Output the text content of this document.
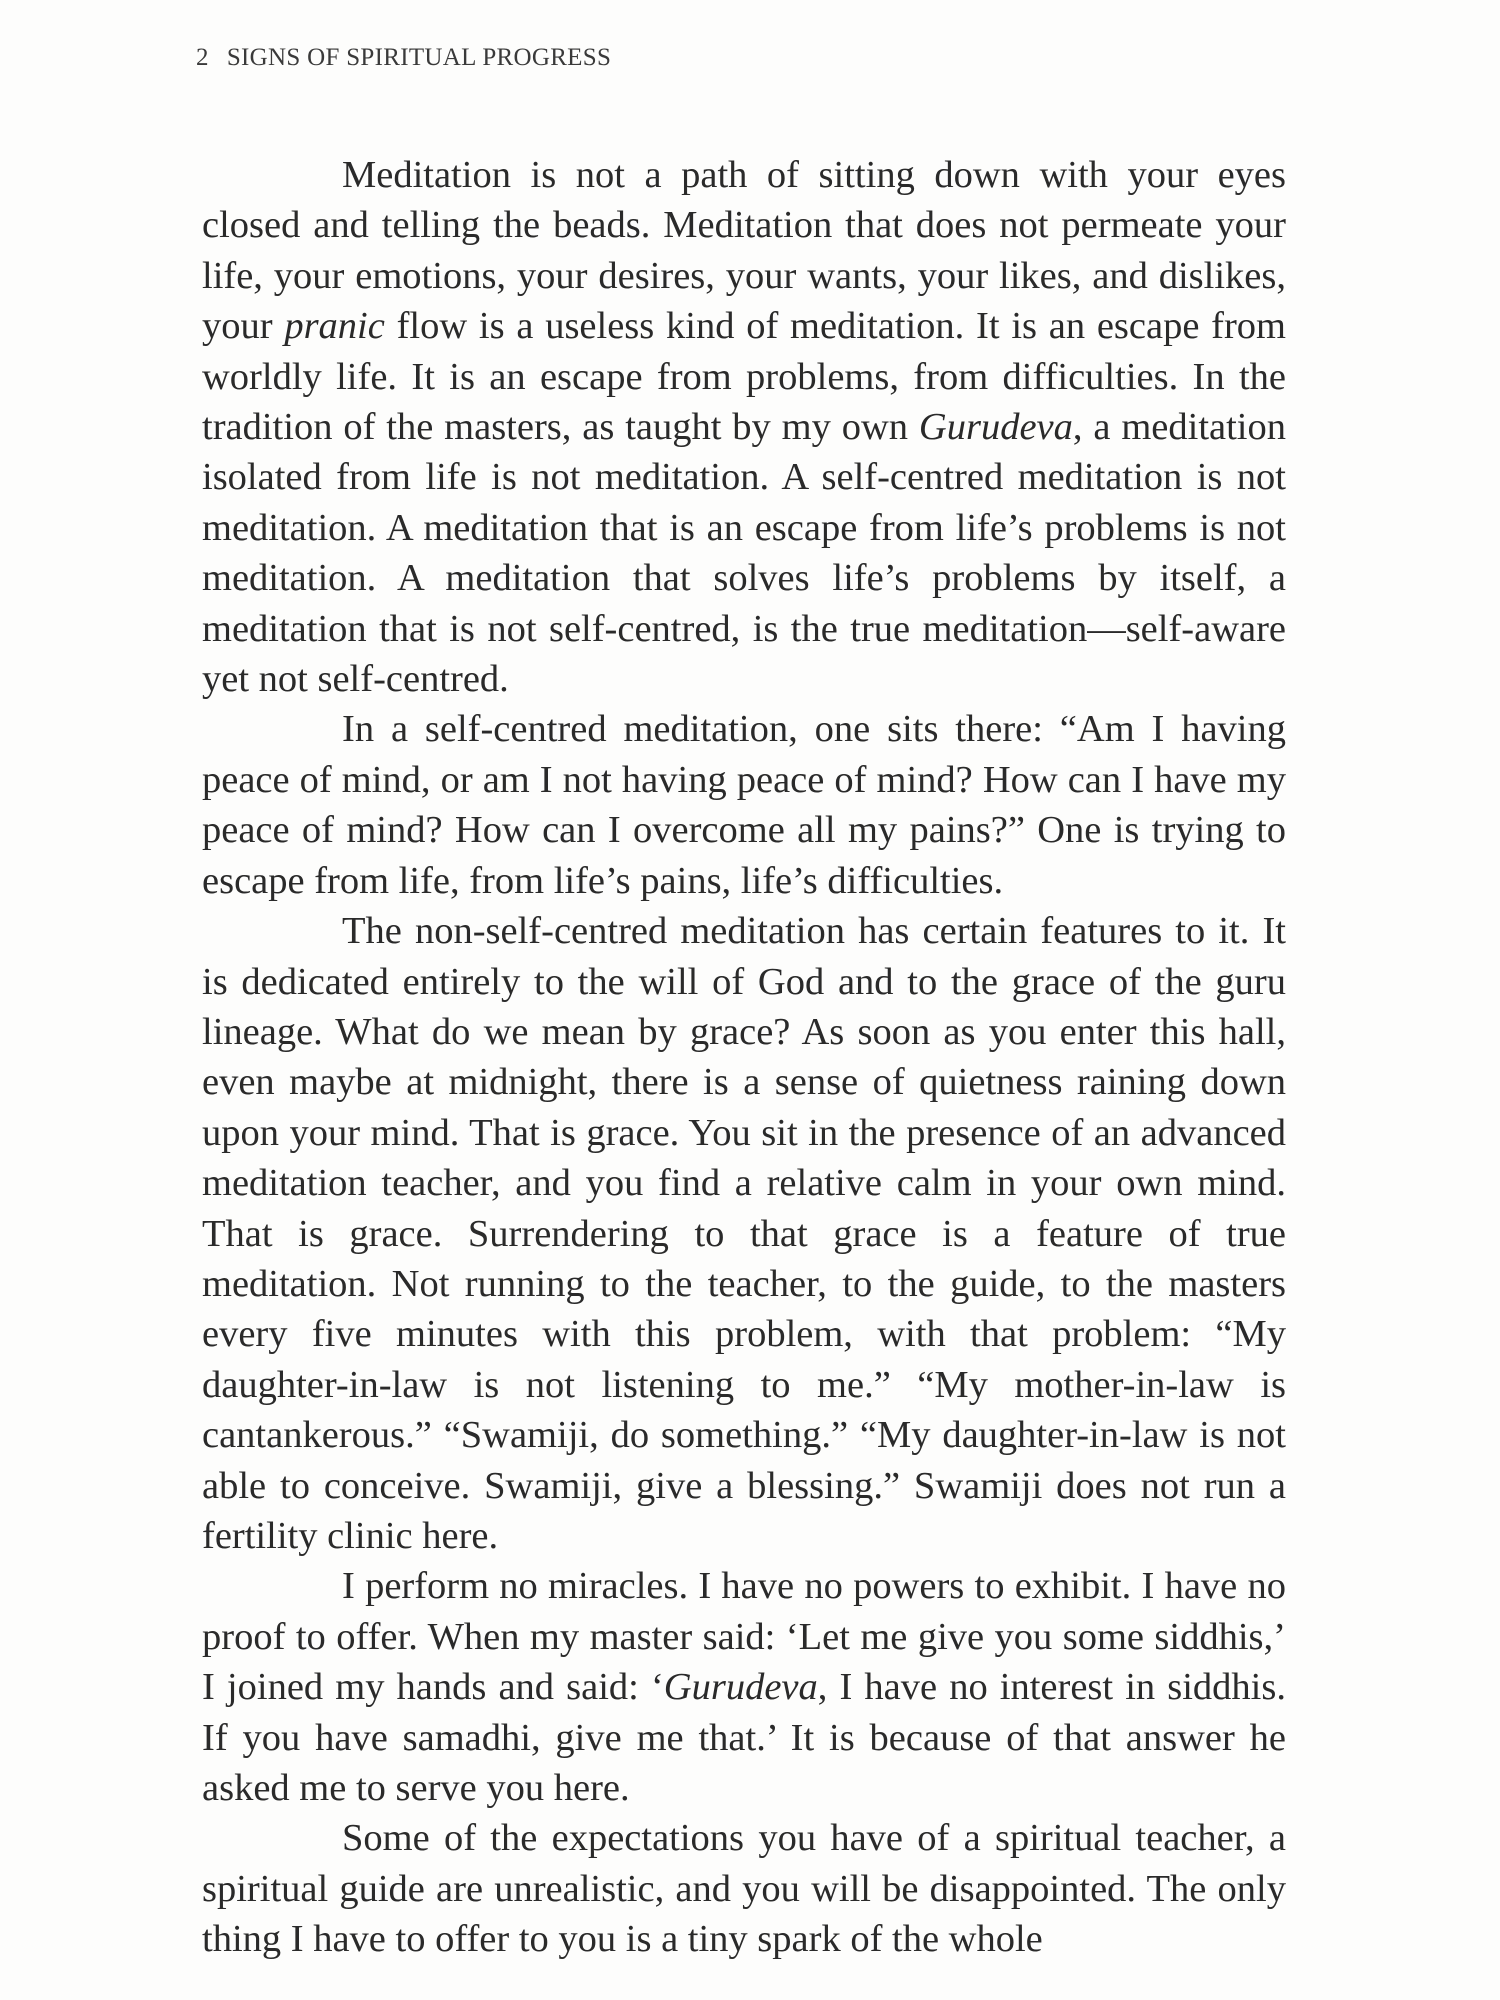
2 SIGNS OF SPIRITUAL PROGRESS

Meditation is not a path of sitting down with your eyes closed and telling the beads. Meditation that does not permeate your life, your emotions, your desires, your wants, your likes, and dislikes, your pranic flow is a useless kind of meditation. It is an escape from worldly life. It is an escape from problems, from difficulties. In the tradition of the masters, as taught by my own Gurudeva, a meditation isolated from life is not meditation. A self-centred meditation is not meditation. A meditation that is an escape from life’s problems is not meditation. A meditation that solves life’s problems by itself, a meditation that is not self-centred, is the true meditation—self-aware yet not self-centred.

In a self-centred meditation, one sits there: “Am I having peace of mind, or am I not having peace of mind? How can I have my peace of mind? How can I overcome all my pains?” One is trying to escape from life, from life’s pains, life’s difficulties.

The non-self-centred meditation has certain features to it. It is dedicated entirely to the will of God and to the grace of the guru lineage. What do we mean by grace? As soon as you enter this hall, even maybe at midnight, there is a sense of quietness raining down upon your mind. That is grace. You sit in the presence of an advanced meditation teacher, and you find a relative calm in your own mind. That is grace. Surrendering to that grace is a feature of true meditation. Not running to the teacher, to the guide, to the masters every five minutes with this problem, with that problem: “My daughter-in-law is not listening to me.” “My mother-in-law is cantankerous.” “Swamiji, do something.” “My daughter-in-law is not able to conceive. Swamiji, give a blessing.” Swamiji does not run a fertility clinic here.

I perform no miracles. I have no powers to exhibit. I have no proof to offer. When my master said: ‘Let me give you some siddhis,’ I joined my hands and said: ‘Gurudeva, I have no interest in siddhis. If you have samadhi, give me that.’ It is because of that answer he asked me to serve you here.

Some of the expectations you have of a spiritual teacher, a spiritual guide are unrealistic, and you will be disappointed. The only thing I have to offer to you is a tiny spark of the whole
